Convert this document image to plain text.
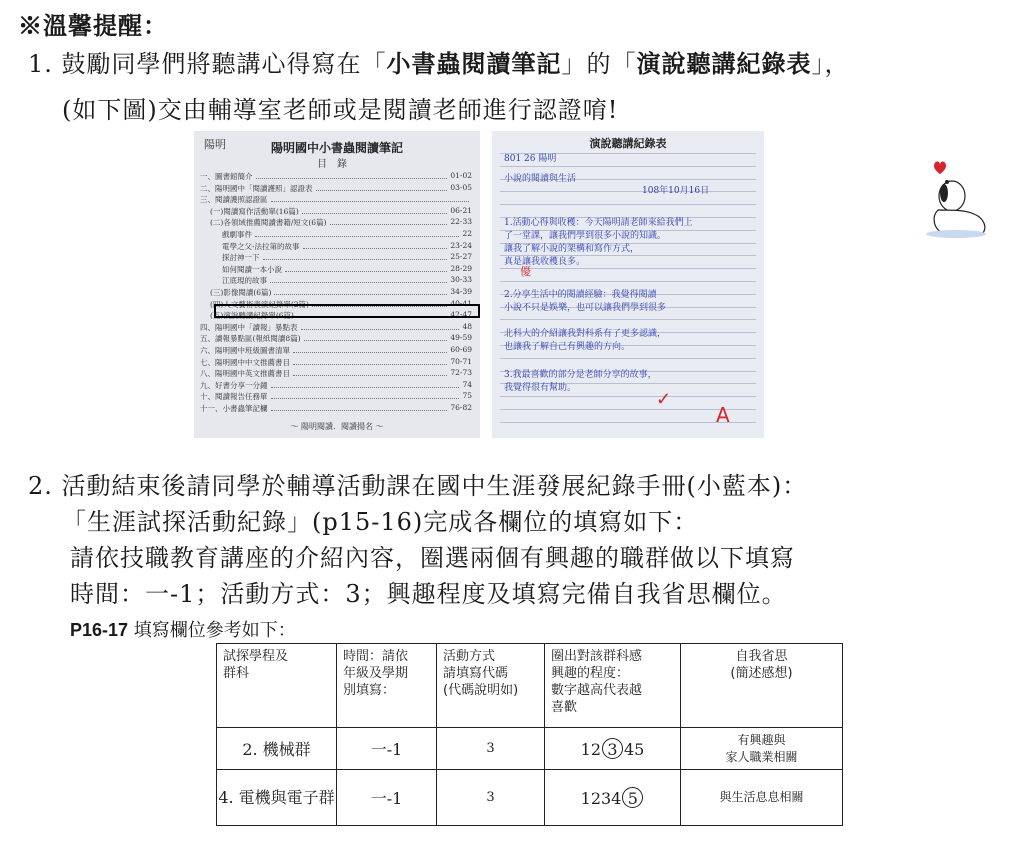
※溫馨提醒：
1. 鼓勵同學們將聽講心得寫在「小書蟲閱讀筆記」的「演說聽講紀錄表」，
(如下圖)交由輔導室老師或是閱讀老師進行認證唷!
陽明	陽明國中小書蟲閱讀筆記
目錄
一、圖書館簡介	01-02
二、陽明國中「閱讀護照」認證表	03-05
三、閱讀護照認證區
(一)閱讀寫作活動單(16篇)	06-21
(二)各領域推薦閱讀書籍/短文(6篇)	22-33
戲劇事件	22
電學之父-法拉第的故事	23-24
探討神一下	25-27
如何閱讀一本小說	28-29
江底現的故事	30-33
(三)影像閱讀(6篇)	34-39
(四)人文藝術表演紀錄單(2篇)	40-41
(五)演說聽講紀錄單(6篇)	42-47
四、陽明國中「讀報」暴點表	48
五、讀報暴點區(報紙閱讀8篇)	49-59
六、陽明國中班級圖書清單	60-69
七、陽明國中中文推薦書目	70-71
八、陽明國中英文推薦書目	72-73
九、好書分享一分鐘	74
十、閱讀報告任務單	75
十一、小書蟲筆記欄	76-82
～ 陽明閱讀．閱讀揚名 ～
演說聽講紀錄表
801 26 陽明
小說的閱讀與生活
108年10月16日
1.活動心得與收穫：今天陽明請老師來給我們上
了一堂課，讓我們學到很多小說的知識。
讓我了解小說的架構和寫作方式，
真是讓我收穫良多。
2.分享生活中的閱讀經驗：我覺得閱讀
小說不只是娛樂，也可以讓我們學到很多
北科大的介紹讓我對科系有了更多認識，
也讓我了解自己有興趣的方向。
3.我最喜歡的部分是老師分享的故事，
我覺得很有幫助。
優
✓
A
2. 活動結束後請同學於輔導活動課在國中生涯發展紀錄手冊(小藍本)：
「生涯試探活動紀錄」(p15-16)完成各欄位的填寫如下：
請依技職教育講座的介紹內容，圈選兩個有興趣的職群做以下填寫
時間：一-1；活動方式：3；興趣程度及填寫完備自我省思欄位。
P16-17 填寫欄位參考如下：
試探學程及
群科	時間：請依
年級及學期
別填寫：	活動方式
請填寫代碼
(代碼說明如)	圈出對該群科感
興趣的程度：
數字越高代表越
喜歡	自我省思
(簡述感想)
2. 機械群	一-1	3	12 3 45	有興趣與
家人職業相關
4. 電機與電子群	一-1	3	1234 5	與生活息息相關
